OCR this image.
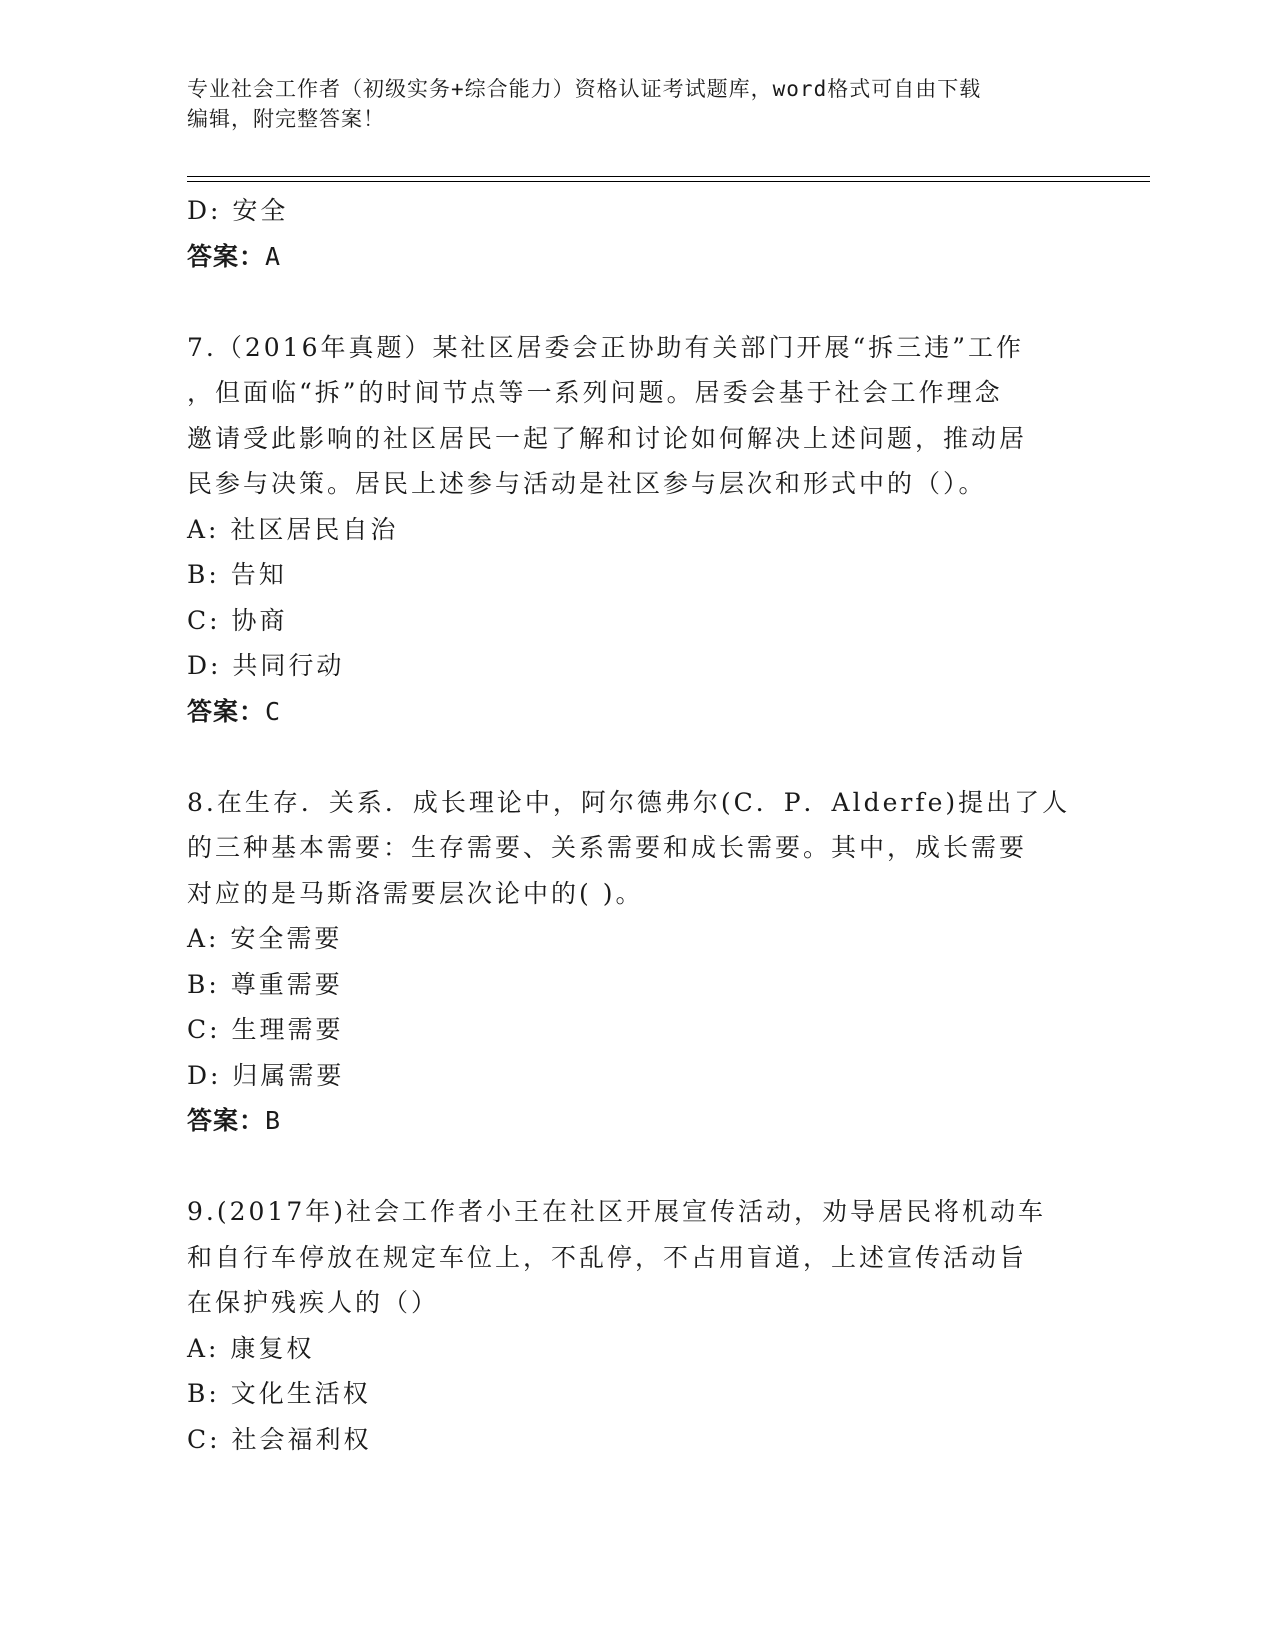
专业社会工作者（初级实务+综合能力）资格认证考试题库，word格式可自由下载
编辑，附完整答案！
D: 安全
答案：A
7.（2016年真题）某社区居委会正协助有关部门开展“拆三违”工作
，但面临“拆”的时间节点等一系列问题。居委会基于社会工作理念
邀请受此影响的社区居民一起了解和讨论如何解决上述问题，推动居
民参与决策。居民上述参与活动是社区参与层次和形式中的（）。
A: 社区居民自治
B: 告知
C: 协商
D: 共同行动
答案：C
8.在生存．关系．成长理论中，阿尔德弗尔(C．P．Alderfe)提出了人
的三种基本需要：生存需要、关系需要和成长需要。其中，成长需要
对应的是马斯洛需要层次论中的( )。
A: 安全需要
B: 尊重需要
C: 生理需要
D: 归属需要
答案：B
9.(2017年)社会工作者小王在社区开展宣传活动，劝导居民将机动车
和自行车停放在规定车位上，不乱停，不占用盲道，上述宣传活动旨
在保护残疾人的（）
A: 康复权
B: 文化生活权
C: 社会福利权
